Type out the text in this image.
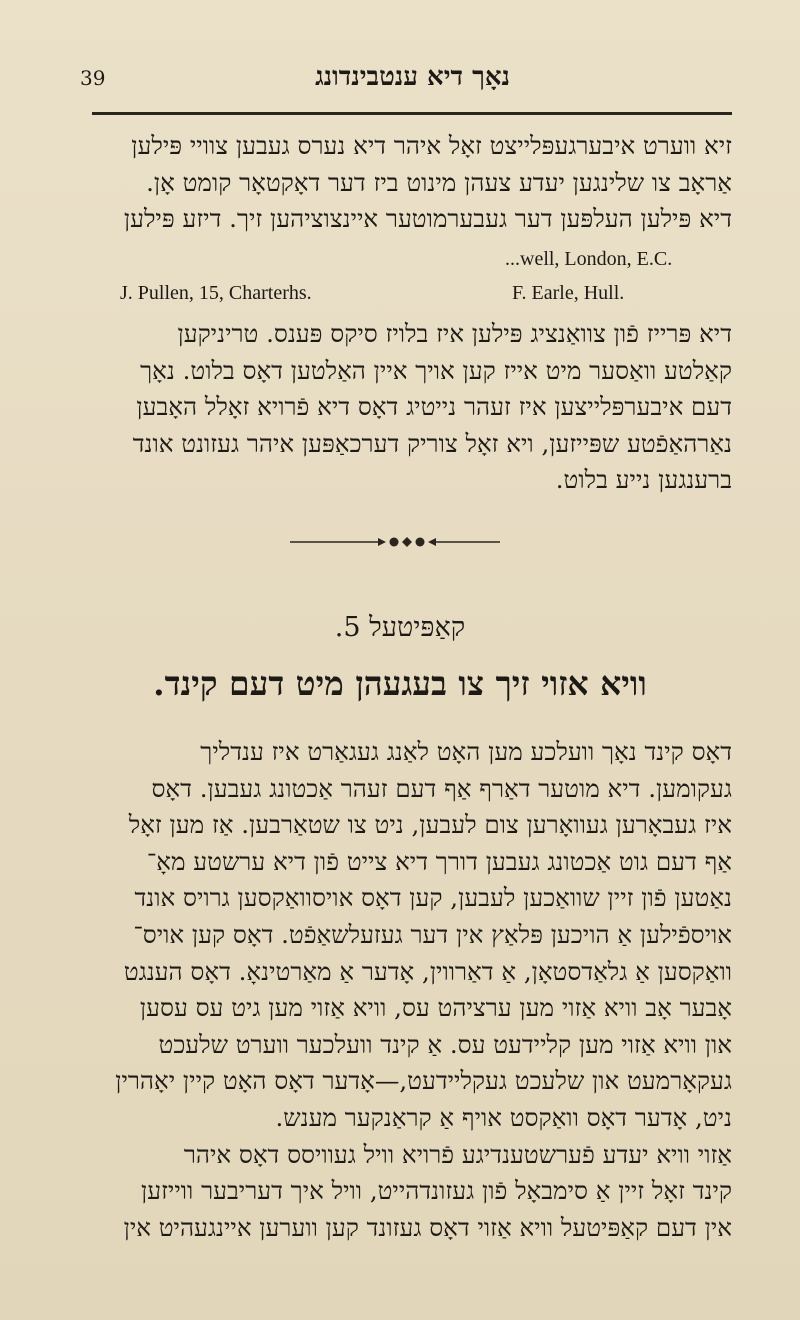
39	נאָך דיא ענטבינדונג
זיא ווערט איבערגעפּלייצט זאָל איהר דיא נערס געבען צוויי פּילען
אַראָב צו שלינגען יעדע צעהן מינוט ביז דער דאָקטאָר קומט אָן.
דיא פּילען העלפּען דער געבערמוטער איינצוציהען זיך. דיזע פּילען
...well, London, E.C.
J. Pullen, 15, Charterhs.	F. Earle, Hull.
דיא פּרייז פֿון צוואַנציג פּילען איז בלויז סיקס פּענס. טריניקען
קאַלטע וואַסער מיט אייז קען אויך איין האַלטען דאָס בלוט. נאָך
דעם איבערפּלייצען איז זעהר נייטיג דאָס דיא פֿרויא זאָלל האָבען
נאַרהאַפֿטע שפּייזען, ויא זאָל צוריק דערכאַפּען איהר געזונט אונד
ברענגען נייע בלוט.
קאַפּיטעל 5.
וויא אזוי זיך צו בעגעהן מיט דעם קינד.
דאָס קינד נאָך וועלכע מען האָט לאַנג געגאַרט איז ענדליך
געקומען. דיא מוטער דאַרף אַף דעם זעהר אַכטונג געבען. דאָס
איז געבאָרען געוואָרען צום לעבען, ניט צו שטאַרבען. אַז מען זאָל
אַף דעם גוט אַכטונג געבען דורך דיא צייט פֿון דיא ערשטע מאָ־
נאַטען פֿון זיין שוואַכען לעבען, קען דאָס אויסוואַקסען גרויס אונד
אויספֿילען אַ הויכען פּלאַץ אין דער געזעלשאַפֿט. דאָס קען אויס־
וואַקסען אַ גלאַדסטאָן, אַ דאַרווין, אָדער אַ מאַרטינאָ. דאָס הענגט
אָבער אָב וויא אַזוי מען ערציהט עס, וויא אַזוי מען גיט עס עסען
און וויא אַזוי מען קליידעט עס. אַ קינד וועלכער ווערט שלעכט
געקאָרמעט און שלעכט געקליידעט,—אָדער דאָס האָט קיין יאָהרין
ניט, אָדער דאָס וואַקסט אויף אַ קראַנקער מענש.
אַזוי וויא יעדע פֿערשטענדיגע פֿרויא וויל געוויסס דאָס איהר
קינד זאָל זיין אַ סימבאָל פֿון געזונדהייט, וויל איך דעריבער ווייזען
אין דעם קאַפּיטעל וויא אַזוי דאָס געזונד קען ווערען איינגעהיט אין
